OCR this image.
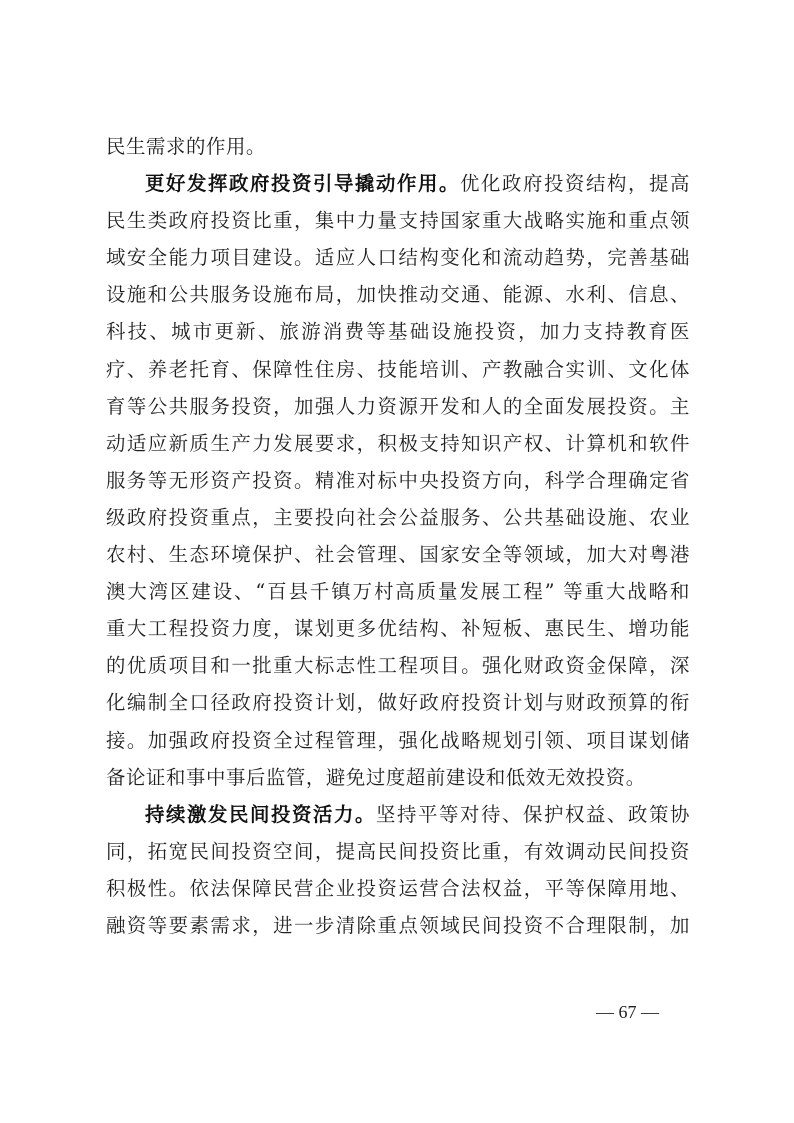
民生需求的作用。
更好发挥政府投资引导撬动作用。优化政府投资结构，提高
民生类政府投资比重，集中力量支持国家重大战略实施和重点领
域安全能力项目建设。适应人口结构变化和流动趋势，完善基础
设施和公共服务设施布局，加快推动交通、能源、水利、信息、
科技、城市更新、旅游消费等基础设施投资，加力支持教育医
疗、养老托育、保障性住房、技能培训、产教融合实训、文化体
育等公共服务投资，加强人力资源开发和人的全面发展投资。主
动适应新质生产力发展要求，积极支持知识产权、计算机和软件
服务等无形资产投资。精准对标中央投资方向，科学合理确定省
级政府投资重点，主要投向社会公益服务、公共基础设施、农业
农村、生态环境保护、社会管理、国家安全等领域，加大对粤港
澳大湾区建设、“百县千镇万村高质量发展工程” 等重大战略和
重大工程投资力度，谋划更多优结构、补短板、惠民生、增功能
的优质项目和一批重大标志性工程项目。强化财政资金保障，深
化编制全口径政府投资计划，做好政府投资计划与财政预算的衔
接。加强政府投资全过程管理，强化战略规划引领、项目谋划储
备论证和事中事后监管，避免过度超前建设和低效无效投资。
持续激发民间投资活力。坚持平等对待、保护权益、政策协
同，拓宽民间投资空间，提高民间投资比重，有效调动民间投资
积极性。依法保障民营企业投资运营合法权益，平等保障用地、
融资等要素需求，进一步清除重点领域民间投资不合理限制，加
— 67 —
